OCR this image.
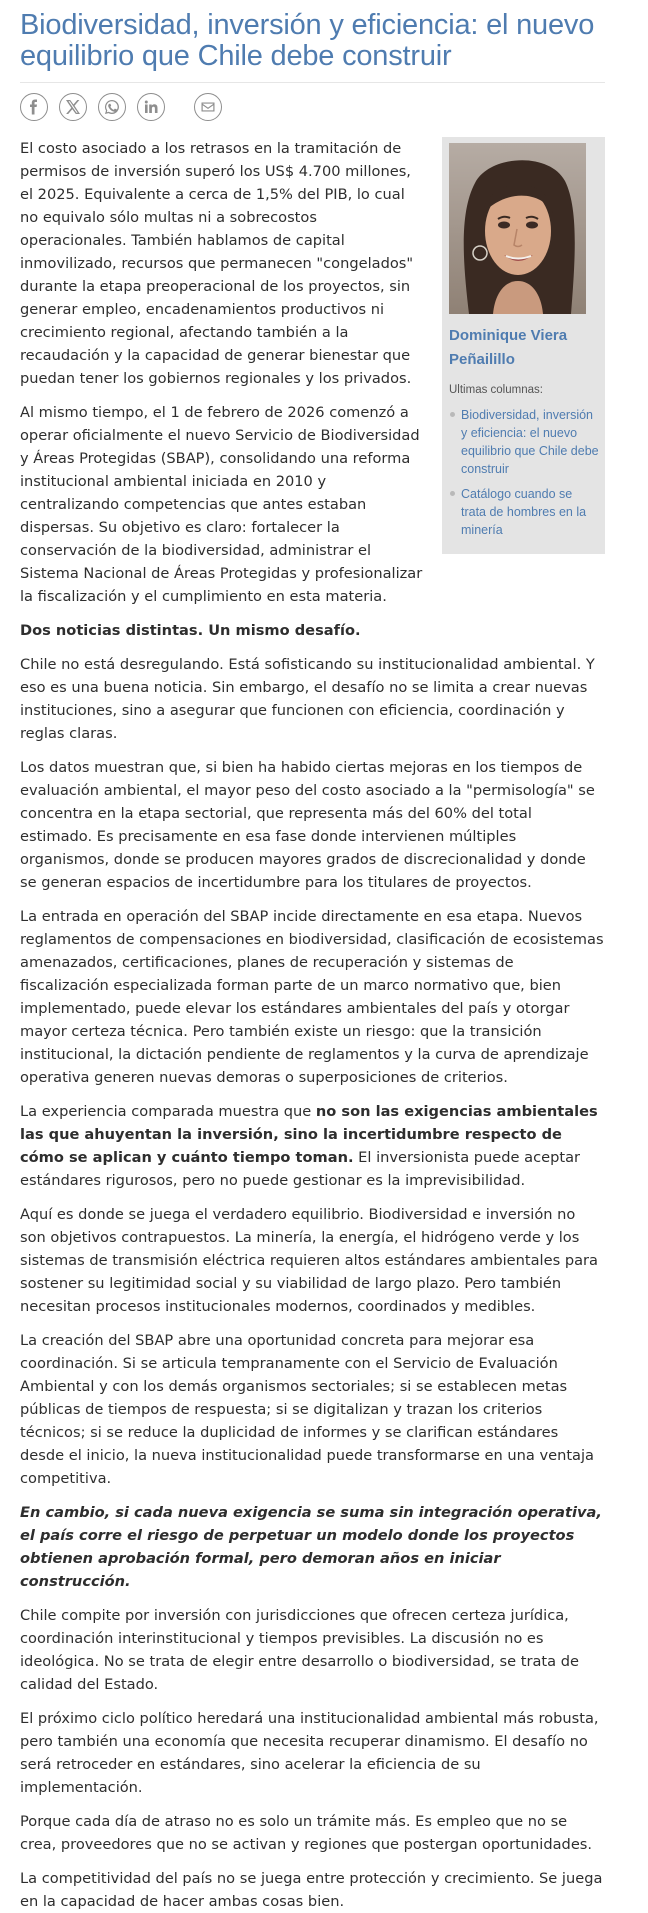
Biodiversidad, inversión y eficiencia: el nuevo equilibrio que Chile debe construir
Dominique Viera Peñailillo
Ultimas columnas:
Biodiversidad, inversión y eficiencia: el nuevo equilibrio que Chile debe construir
Catálogo cuando se trata de hombres en la minería

El costo asociado a los retrasos en la tramitación de permisos de inversión superó los US$ 4.700 millones, el 2025. Equivalente a cerca de 1,5% del PIB, lo cual no equivalo sólo multas ni a sobrecostos operacionales. También hablamos de capital inmovilizado, recursos que permanecen "congelados" durante la etapa preoperacional de los proyectos, sin generar empleo, encadenamientos productivos ni crecimiento regional, afectando también a la recaudación y la capacidad de generar bienestar que puedan tener los gobiernos regionales y los privados.

Al mismo tiempo, el 1 de febrero de 2026 comenzó a operar oficialmente el nuevo Servicio de Biodiversidad y Áreas Protegidas (SBAP), consolidando una reforma institucional ambiental iniciada en 2010 y centralizando competencias que antes estaban dispersas. Su objetivo es claro: fortalecer la conservación de la biodiversidad, administrar el Sistema Nacional de Áreas Protegidas y profesionalizar la fiscalización y el cumplimiento en esta materia.

Dos noticias distintas. Un mismo desafío.

Chile no está desregulando. Está sofisticando su institucionalidad ambiental. Y eso es una buena noticia. Sin embargo, el desafío no se limita a crear nuevas instituciones, sino a asegurar que funcionen con eficiencia, coordinación y reglas claras.

Los datos muestran que, si bien ha habido ciertas mejoras en los tiempos de evaluación ambiental, el mayor peso del costo asociado a la "permisología" se concentra en la etapa sectorial, que representa más del 60% del total estimado. Es precisamente en esa fase donde intervienen múltiples organismos, donde se producen mayores grados de discrecionalidad y donde se generan espacios de incertidumbre para los titulares de proyectos.

La entrada en operación del SBAP incide directamente en esa etapa. Nuevos reglamentos de compensaciones en biodiversidad, clasificación de ecosistemas amenazados, certificaciones, planes de recuperación y sistemas de fiscalización especializada forman parte de un marco normativo que, bien implementado, puede elevar los estándares ambientales del país y otorgar mayor certeza técnica. Pero también existe un riesgo: que la transición institucional, la dictación pendiente de reglamentos y la curva de aprendizaje operativa generen nuevas demoras o superposiciones de criterios.

La experiencia comparada muestra que no son las exigencias ambientales las que ahuyentan la inversión, sino la incertidumbre respecto de cómo se aplican y cuánto tiempo toman. El inversionista puede aceptar estándares rigurosos, pero no puede gestionar es la imprevisibilidad.

Aquí es donde se juega el verdadero equilibrio. Biodiversidad e inversión no son objetivos contrapuestos. La minería, la energía, el hidrógeno verde y los sistemas de transmisión eléctrica requieren altos estándares ambientales para sostener su legitimidad social y su viabilidad de largo plazo. Pero también necesitan procesos institucionales modernos, coordinados y medibles.

La creación del SBAP abre una oportunidad concreta para mejorar esa coordinación. Si se articula tempranamente con el Servicio de Evaluación Ambiental y con los demás organismos sectoriales; si se establecen metas públicas de tiempos de respuesta; si se digitalizan y trazan los criterios técnicos; si se reduce la duplicidad de informes y se clarifican estándares desde el inicio, la nueva institucionalidad puede transformarse en una ventaja competitiva.

En cambio, si cada nueva exigencia se suma sin integración operativa, el país corre el riesgo de perpetuar un modelo donde los proyectos obtienen aprobación formal, pero demoran años en iniciar construcción.

Chile compite por inversión con jurisdicciones que ofrecen certeza jurídica, coordinación interinstitucional y tiempos previsibles. La discusión no es ideológica. No se trata de elegir entre desarrollo o biodiversidad, se trata de calidad del Estado.

El próximo ciclo político heredará una institucionalidad ambiental más robusta, pero también una economía que necesita recuperar dinamismo. El desafío no será retroceder en estándares, sino acelerar la eficiencia de su implementación.

Porque cada día de atraso no es solo un trámite más. Es empleo que no se crea, proveedores que no se activan y regiones que postergan oportunidades.

La competitividad del país no se juega entre protección y crecimiento. Se juega en la capacidad de hacer ambas cosas bien.
